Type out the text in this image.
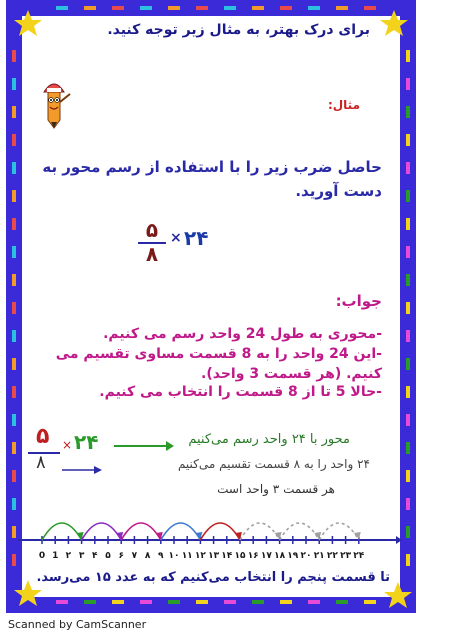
برای درک بهتر، به مثال زیر توجه کنید.
مثال:
حاصل ضرب زیر را با استفاده از رسم محور به
دست آورید.
۵
۸
× ۲۴
جواب:
-محوری به طول 24 واحد رسم می کنیم.
-این 24 واحد را به 8 قسمت مساوی تقسیم می
کنیم. (هر قسمت 3 واحد).
-حالا 5 تا از 8 قسمت را انتخاب می کنیم.
محور با ۲۴ واحد رسم می‌کنیم
۲۴ واحد را به ۸ قسمت تقسیم می‌کنیم
هر قسمت ۳ واحد است
تا قسمت پنجم را انتخاب می‌کنیم که به عدد ۱۵ می‌رسد.
۵
۸
× ۲۴
0 1 ۲ ۳ ۴ ۵ ۶ ۷ ۸ ۹ ۱۰ ۱۱ ۱۲ ۱۳ ۱۴ ۱۵ ۱۶ ۱۷ ۱۸ ۱۹ ۲۰ ۲۱ ۲۲ ۲۳ ۲۴
Scanned by CamScanner
